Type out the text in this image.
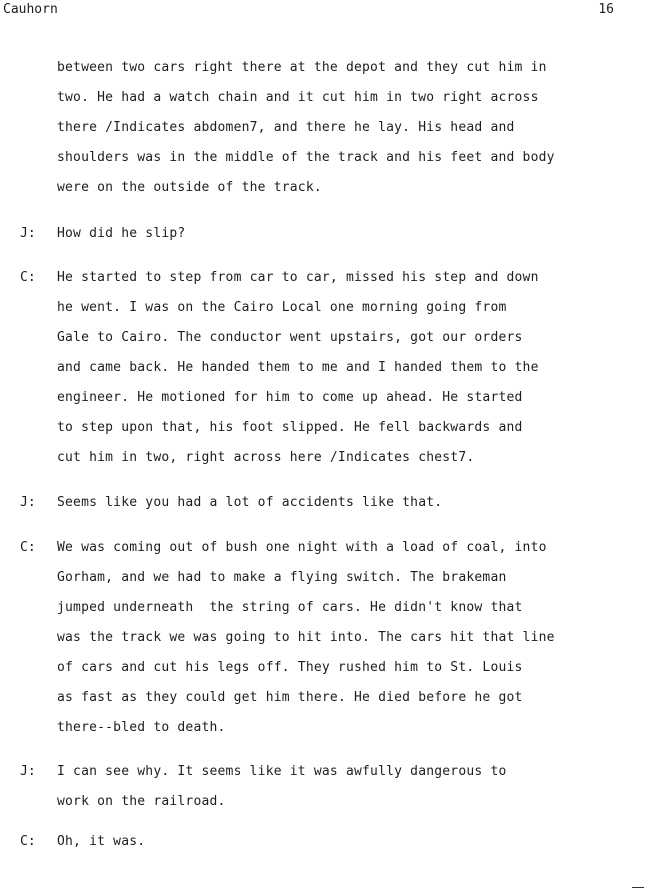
Cauhorn	16
between two cars right there at the depot and they cut him in
two. He had a watch chain and it cut him in two right across
there /Indicates abdomen7, and there he lay. His head and
shoulders was in the middle of the track and his feet and body
were on the outside of the track.
J: How did he slip?
C: He started to step from car to car, missed his step and down
he went. I was on the Cairo Local one morning going from
Gale to Cairo. The conductor went upstairs, got our orders
and came back. He handed them to me and I handed them to the
engineer. He motioned for him to come up ahead. He started
to step upon that, his foot slipped. He fell backwards and
cut him in two, right across here /Indicates chest7.
J: Seems like you had a lot of accidents like that.
C: We was coming out of bush one night with a load of coal, into
Gorham, and we had to make a flying switch. The brakeman
jumped underneath  the string of cars. He didn't know that
was the track we was going to hit into. The cars hit that line
of cars and cut his legs off. They rushed him to St. Louis
as fast as they could get him there. He died before he got
there--bled to death.
J: I can see why. It seems like it was awfully dangerous to
work on the railroad.
C: Oh, it was.
